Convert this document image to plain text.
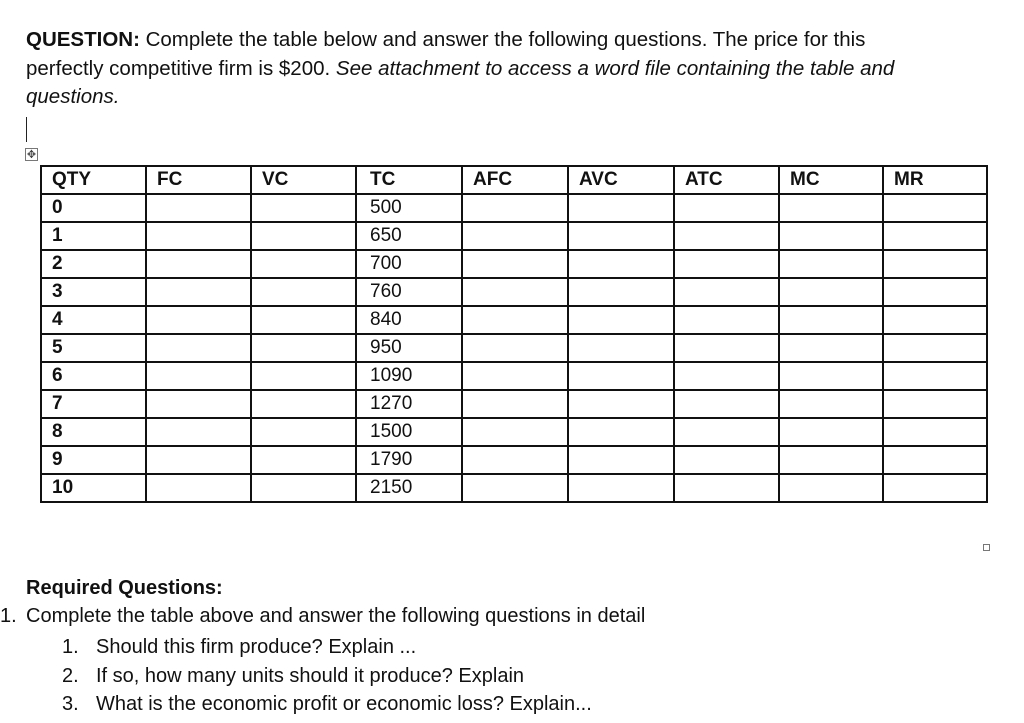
QUESTION: Complete the table below and answer the following questions. The price for this perfectly competitive firm is $200. See attachment to access a word file containing the table and questions.
✥
QTY	FC	VC	TC	AFC	AVC	ATC	MC	MR
0			500					
1			650					
2			700					
3			760					
4			840					
5			950					
6			1090					
7			1270					
8			1500					
9			1790					
10			2150					
Required Questions:
1. Complete the table above and answer the following questions in detail
1. Should this firm produce? Explain ...
2. If so, how many units should it produce? Explain
3. What is the economic profit or economic loss? Explain...
